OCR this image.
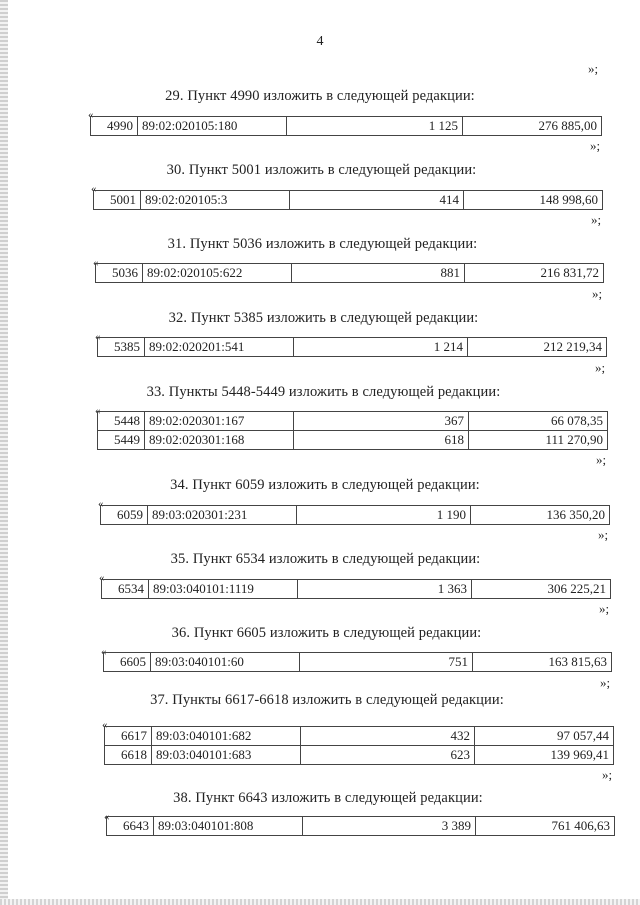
4
»;
29. Пункт 4990 изложить в следующей редакции:
«
4990	89:02:020105:180	1 125	276 885,00
»;
30. Пункт 5001 изложить в следующей редакции:
«
5001	89:02:020105:3	414	148 998,60
»;
31. Пункт 5036 изложить в следующей редакции:
«
5036	89:02:020105:622	881	216 831,72
»;
32. Пункт 5385 изложить в следующей редакции:
«
5385	89:02:020201:541	1 214	212 219,34
»;
33. Пункты 5448-5449 изложить в следующей редакции:
«
5448	89:02:020301:167	367	66 078,35
5449	89:02:020301:168	618	111 270,90
»;
34. Пункт 6059 изложить в следующей редакции:
«
6059	89:03:020301:231	1 190	136 350,20
»;
35. Пункт 6534 изложить в следующей редакции:
«
6534	89:03:040101:1119	1 363	306 225,21
»;
36. Пункт 6605 изложить в следующей редакции:
«
6605	89:03:040101:60	751	163 815,63
»;
37. Пункты 6617-6618 изложить в следующей редакции:
«
6617	89:03:040101:682	432	97 057,44
6618	89:03:040101:683	623	139 969,41
»;
38. Пункт 6643 изложить в следующей редакции:
«
6643	89:03:040101:808	3 389	761 406,63
